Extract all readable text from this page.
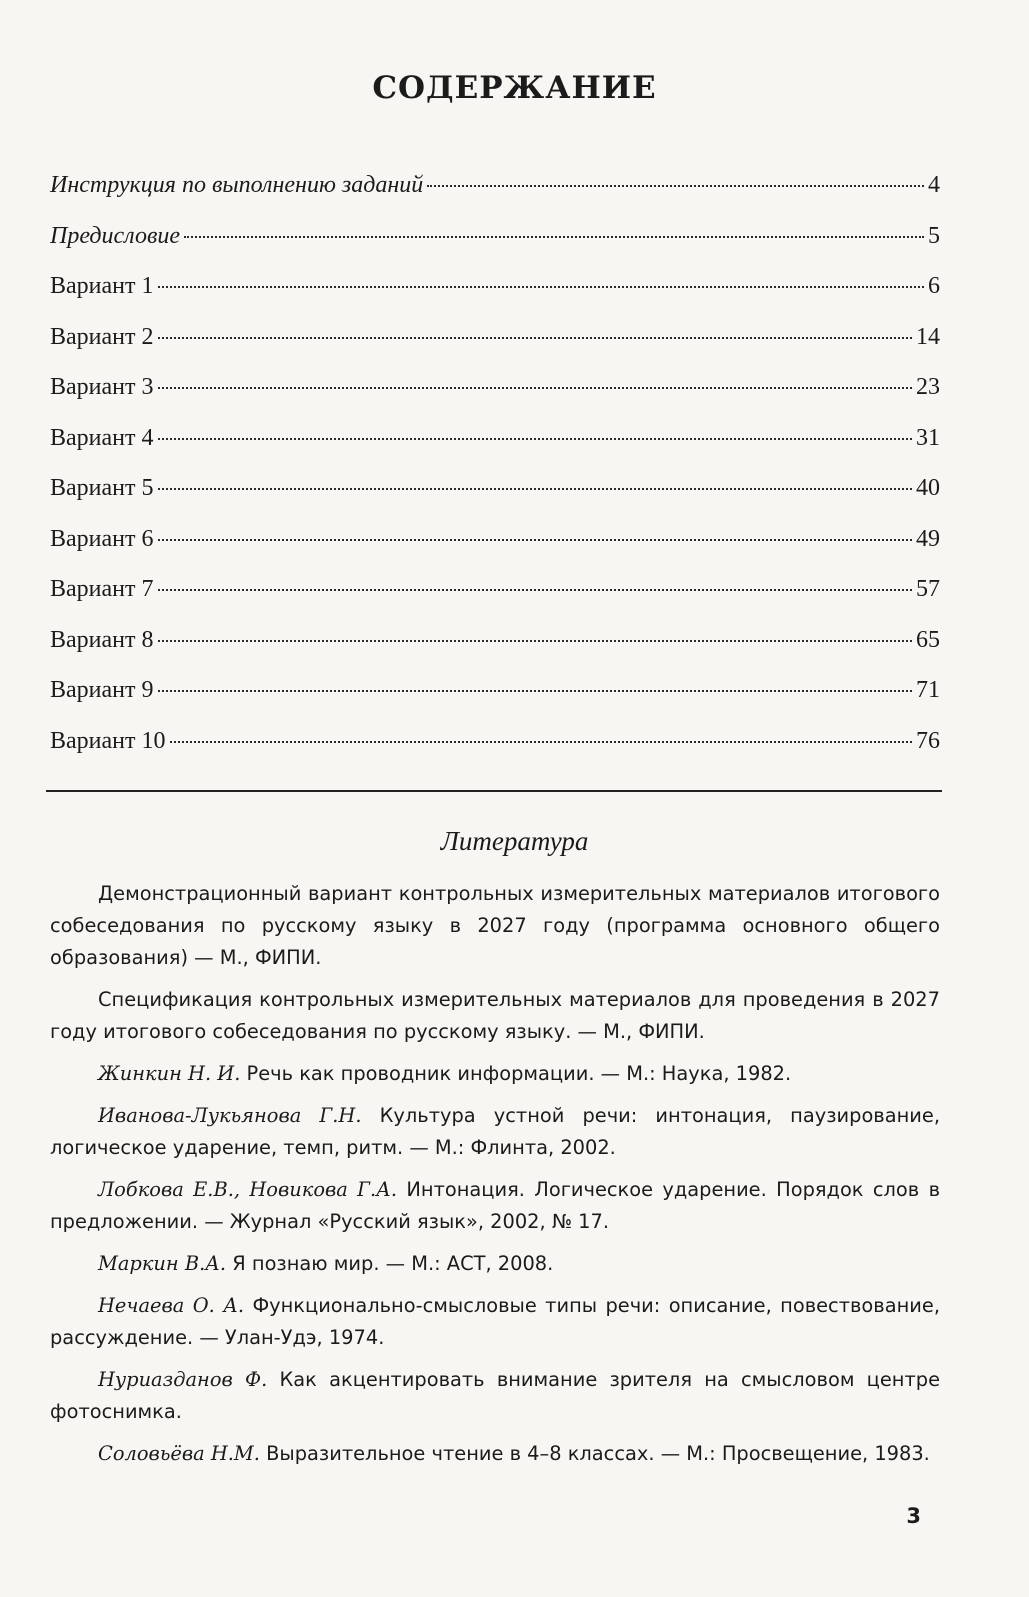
СОДЕРЖАНИЕ
Инструкция по выполнению заданий	4
Предисловие	5
Вариант 1	6
Вариант 2	14
Вариант 3	23
Вариант 4	31
Вариант 5	40
Вариант 6	49
Вариант 7	57
Вариант 8	65
Вариант 9	71
Вариант 10	76
Литература

Демонстрационный вариант контрольных измерительных материалов итогового собеседования по русскому языку в 2027 году (программа основного общего образования) — М., ФИПИ.

Спецификация контрольных измерительных материалов для проведения в 2027 году итогового собеседования по русскому языку. — М., ФИПИ.

Жинкин Н. И. Речь как проводник информации. — М.: Наука, 1982.

Иванова-Лукьянова Г.Н. Культура устной речи: интонация, паузирование, логическое ударение, темп, ритм. — М.: Флинта, 2002.

Лобкова Е.В., Новикова Г.А. Интонация. Логическое ударение. Порядок слов в предложении. — Журнал «Русский язык», 2002, № 17.

Маркин В.А. Я познаю мир. — М.: АСТ, 2008.

Нечаева О. А. Функционально-смысловые типы речи: описание, повествование, рассуждение. — Улан-Удэ, 1974.

Нуриазданов Ф. Как акцентировать внимание зрителя на смысловом центре фотоснимка.

Соловьёва Н.М. Выразительное чтение в 4–8 классах. — М.: Просвещение, 1983.

3
